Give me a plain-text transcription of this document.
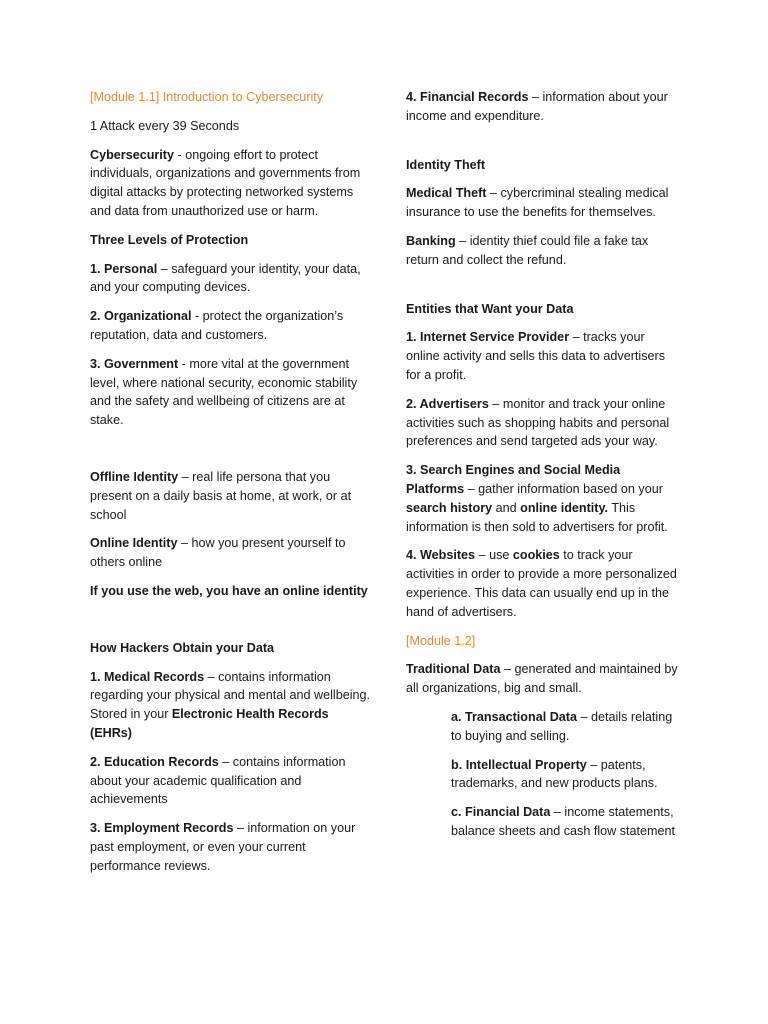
[Module 1.1] Introduction to Cybersecurity

1 Attack every 39 Seconds

Cybersecurity - ongoing effort to protect individuals, organizations and governments from digital attacks by protecting networked systems and data from unauthorized use or harm.

Three Levels of Protection

1. Personal – safeguard your identity, your data, and your computing devices.

2. Organizational - protect the organization’s reputation, data and customers.

3. Government - more vital at the government level, where national security, economic stability and the safety and wellbeing of citizens are at stake.

Offline Identity – real life persona that you present on a daily basis at home, at work, or at school

Online Identity – how you present yourself to others online

If you use the web, you have an online identity

How Hackers Obtain your Data

1. Medical Records – contains information regarding your physical and mental and wellbeing. Stored in your Electronic Health Records (EHRs)

2. Education Records – contains information about your academic qualification and achievements

3. Employment Records – information on your past employment, or even your current performance reviews.

4. Financial Records – information about your income and expenditure.

Identity Theft

Medical Theft – cybercriminal stealing medical insurance to use the benefits for themselves.

Banking – identity thief could file a fake tax return and collect the refund.

Entities that Want your Data

1. Internet Service Provider – tracks your online activity and sells this data to advertisers for a profit.

2. Advertisers – monitor and track your online activities such as shopping habits and personal preferences and send targeted ads your way.

3. Search Engines and Social Media Platforms – gather information based on your search history and online identity. This information is then sold to advertisers for profit.

4. Websites – use cookies to track your activities in order to provide a more personalized experience. This data can usually end up in the hand of advertisers.

[Module 1.2]

Traditional Data – generated and maintained by all organizations, big and small.

a. Transactional Data – details relating to buying and selling.

b. Intellectual Property – patents, trademarks, and new products plans.

c. Financial Data – income statements, balance sheets and cash flow statement
